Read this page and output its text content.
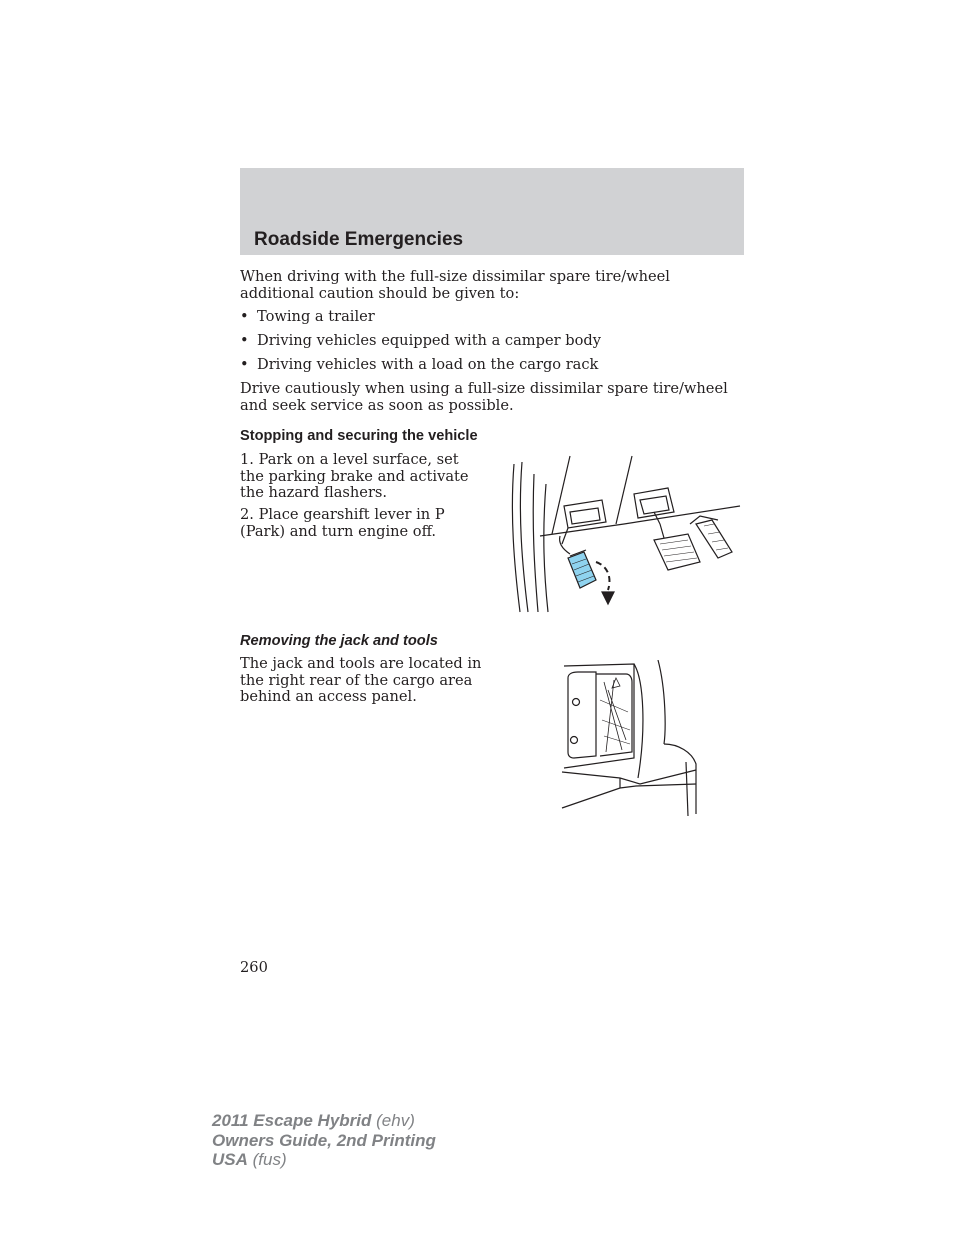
Roadside Emergencies

When driving with the full-size dissimilar spare tire/wheel additional caution should be given to:

• Towing a trailer
• Driving vehicles equipped with a camper body
• Driving vehicles with a load on the cargo rack

Drive cautiously when using a full-size dissimilar spare tire/wheel and seek service as soon as possible.

Stopping and securing the vehicle

1. Park on a level surface, set the parking brake and activate the hazard flashers.

2. Place gearshift lever in P (Park) and turn engine off.

Removing the jack and tools

The jack and tools are located in the right rear of the cargo area behind an access panel.

260
2011 Escape Hybrid (ehv)
Owners Guide, 2nd Printing
USA (fus)
